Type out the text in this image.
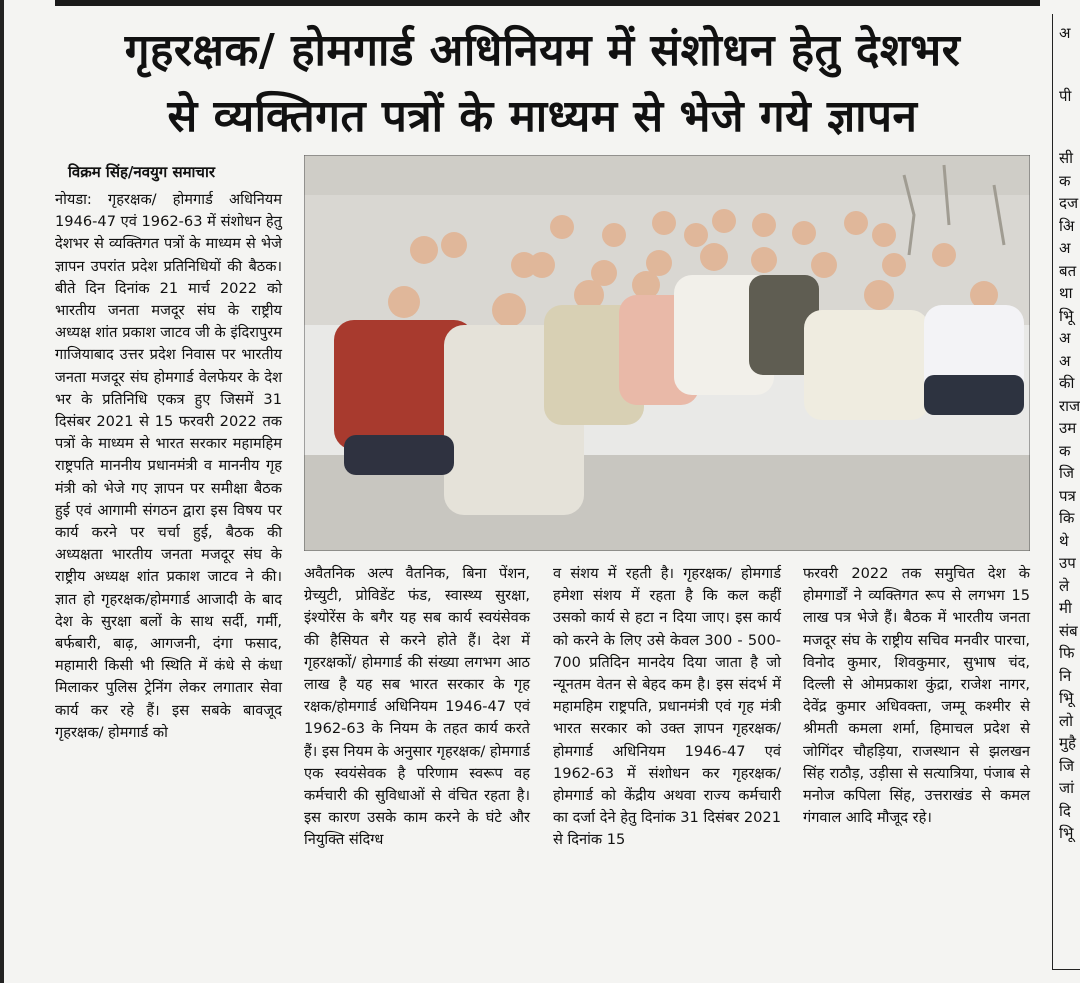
गृहरक्षक/ होमगार्ड अधिनियम में संशोधन हेतु देशभर
से व्यक्तिगत पत्रों के माध्यम से भेजे गये ज्ञापन
विक्रम सिंह/नवयुग समाचार
नोयडा: गृहरक्षक/ होमगार्ड अधिनियम 1946-47 एवं 1962-63 में संशोधन हेतु देशभर से व्यक्तिगत पत्रों के माध्यम से भेजे ज्ञापन उपरांत प्रदेश प्रतिनिधियों की बैठक। बीते दिन दिनांक 21 मार्च 2022 को भारतीय जनता मजदूर संघ के राष्ट्रीय अध्यक्ष शांत प्रकाश जाटव जी के इंदिरापुरम गाजियाबाद उत्तर प्रदेश निवास पर भारतीय जनता मजदूर संघ होमगार्ड वेलफेयर के देश भर के प्रतिनिधि एकत्र हुए जिसमें 31 दिसंबर 2021 से 15 फरवरी 2022 तक पत्रों के माध्यम से भारत सरकार महामहिम राष्ट्रपति माननीय प्रधानमंत्री व माननीय गृह मंत्री को भेजे गए ज्ञापन पर समीक्षा बैठक हुई एवं आगामी संगठन द्वारा इस विषय पर कार्य करने पर चर्चा हुई, बैठक की अध्यक्षता भारतीय जनता मजदूर संघ के राष्ट्रीय अध्यक्ष शांत प्रकाश जाटव ने की। ज्ञात हो गृहरक्षक/होमगार्ड आजादी के बाद देश के सुरक्षा बलों के साथ सर्दी, गर्मी, बर्फबारी, बाढ़, आगजनी, दंगा फसाद, महामारी किसी भी स्थिति में कंधे से कंधा मिलाकर पुलिस ट्रेनिंग लेकर लगातार सेवा कार्य कर रहे हैं। इस सबके बावजूद गृहरक्षक/ होमगार्ड को
अवैतनिक अल्प वैतनिक, बिना पेंशन, ग्रेच्युटी, प्रोविडेंट फंड, स्वास्थ्य सुरक्षा, इंश्योरेंस के बगैर यह सब कार्य स्वयंसेवक की हैसियत से करने होते हैं। देश में गृहरक्षकों/ होमगार्ड की संख्या लगभग आठ लाख है यह सब भारत सरकार के गृह रक्षक/होमगार्ड अधिनियम 1946-47 एवं 1962-63 के नियम के तहत कार्य करते हैं। इस नियम के अनुसार गृहरक्षक/ होमगार्ड एक स्वयंसेवक है परिणाम स्वरूप वह कर्मचारी की सुविधाओं से वंचित रहता है। इस कारण उसके काम करने के घंटे और नियुक्ति संदिग्ध
व संशय में रहती है। गृहरक्षक/ होमगार्ड हमेशा संशय में रहता है कि कल कहीं उसको कार्य से हटा न दिया जाए। इस कार्य को करने के लिए उसे केवल 300 - 500- 700 प्रतिदिन मानदेय दिया जाता है जो न्यूनतम वेतन से बेहद कम है। इस संदर्भ में महामहिम राष्ट्रपति, प्रधानमंत्री एवं गृह मंत्री भारत सरकार को उक्त ज्ञापन गृहरक्षक/होमगार्ड अधिनियम 1946-47 एवं 1962-63 में संशोधन कर गृहरक्षक/होमगार्ड को केंद्रीय अथवा राज्य कर्मचारी का दर्जा देने हेतु दिनांक 31 दिसंबर 2021 से दिनांक 15
फरवरी 2022 तक समुचित देश के होमगार्डों ने व्यक्तिगत रूप से लगभग 15 लाख पत्र भेजे हैं। बैठक में भारतीय जनता मजदूर संघ के राष्ट्रीय सचिव मनवीर पारचा, विनोद कुमार, शिवकुमार, सुभाष चंद, दिल्ली से ओमप्रकाश कुंद्रा, राजेश नागर, देवेंद्र कुमार अधिवक्ता, जम्मू कश्मीर से श्रीमती कमला शर्मा, हिमाचल प्रदेश से जोगिंदर चौहड़िया, राजस्थान से झलखन सिंह राठौड़, उड़ीसा से सत्यात्रिया, पंजाब से मनोज कपिला सिंह, उत्तराखंड से कमल गंगवाल आदि मौजूद रहे।
अ
पी
सी
क
दज
अि
अ
बत
था
भूि
अ
अ
की
राज
उम
क
जि
पत्र
कि
थे
उप
ले
मी
संब
फि
नि
भूि
लो
मुहै
जि
जां
दि
भूि
